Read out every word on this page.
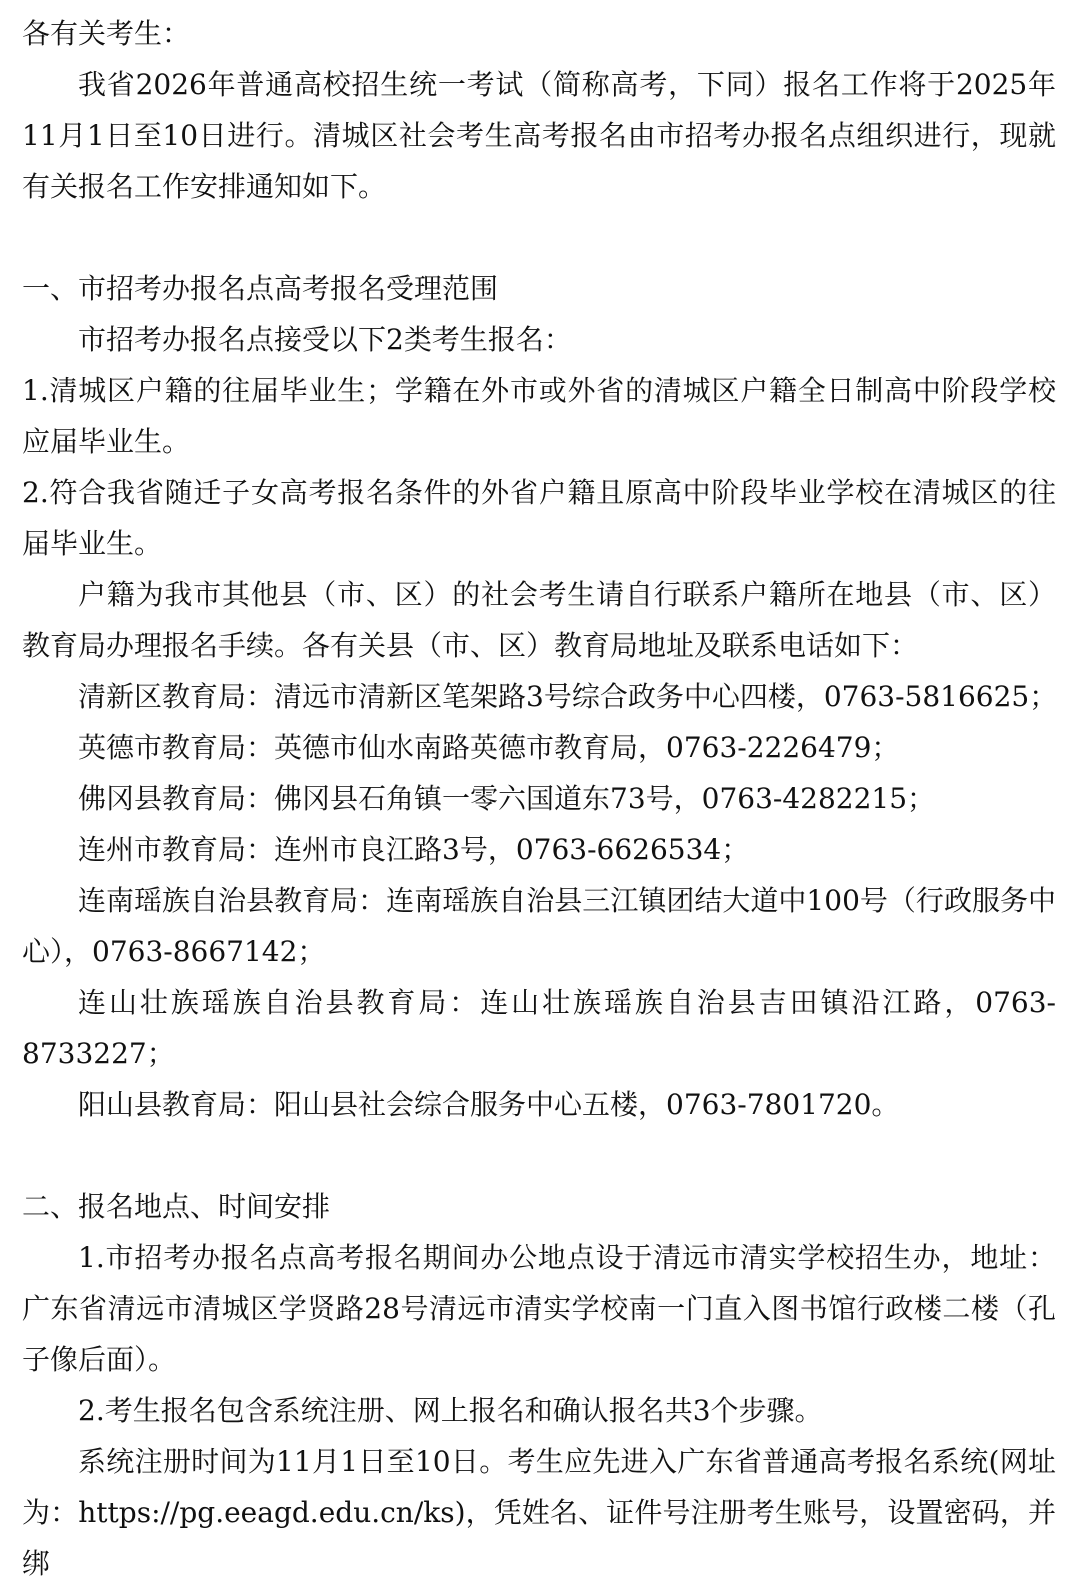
各有关考生：

我省2026年普通高校招生统一考试（简称高考，下同）报名工作将于2025年11月1日至10日进行。清城区社会考生高考报名由市招考办报名点组织进行，现就有关报名工作安排通知如下。

一、市招考办报名点高考报名受理范围

市招考办报名点接受以下2类考生报名：

1.清城区户籍的往届毕业生；学籍在外市或外省的清城区户籍全日制高中阶段学校应届毕业生。

2.符合我省随迁子女高考报名条件的外省户籍且原高中阶段毕业学校在清城区的往届毕业生。

户籍为我市其他县（市、区）的社会考生请自行联系户籍所在地县（市、区）教育局办理报名手续。各有关县（市、区）教育局地址及联系电话如下：

清新区教育局：清远市清新区笔架路3号综合政务中心四楼，0763-5816625；

英德市教育局：英德市仙水南路英德市教育局，0763-2226479；

佛冈县教育局：佛冈县石角镇一零六国道东73号，0763-4282215；

连州市教育局：连州市良江路3号，0763-6626534；

连南瑶族自治县教育局：连南瑶族自治县三江镇团结大道中100号（行政服务中心），0763-8667142；

连山壮族瑶族自治县教育局：连山壮族瑶族自治县吉田镇沿江路，0763-8733227；

阳山县教育局：阳山县社会综合服务中心五楼，0763-7801720。

二、报名地点、时间安排

1.市招考办报名点高考报名期间办公地点设于清远市清实学校招生办，地址：广东省清远市清城区学贤路28号清远市清实学校南一门直入图书馆行政楼二楼（孔子像后面）。

2.考生报名包含系统注册、网上报名和确认报名共3个步骤。

系统注册时间为11月1日至10日。考生应先进入广东省普通高考报名系统(网址为：https://pg.eeagd.edu.cn/ks)，凭姓名、证件号注册考生账号，设置密码，并绑
